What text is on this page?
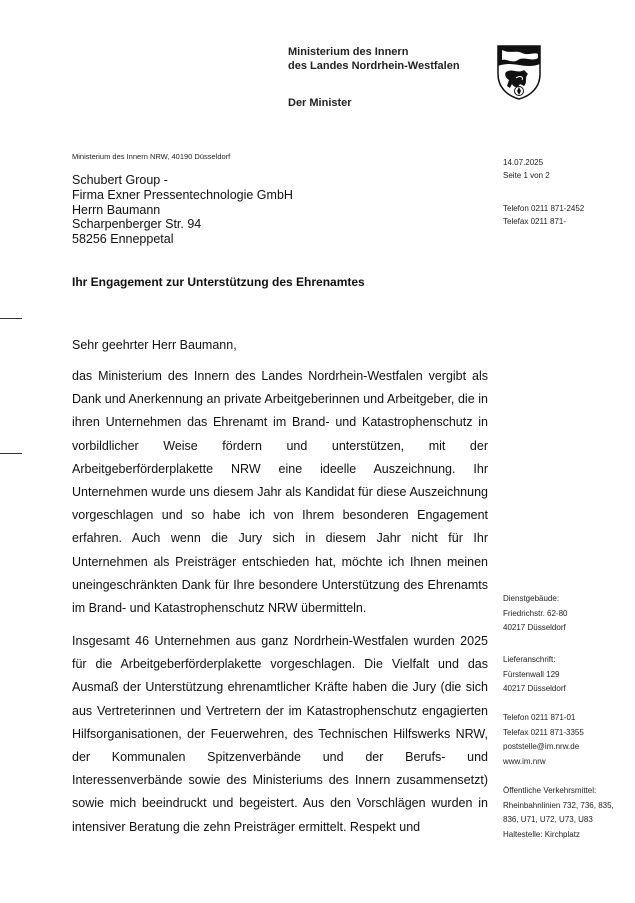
Ministerium des Innern
des Landes Nordrhein-Westfalen
Der Minister
Ministerium des Innern NRW, 40190 Düsseldorf
Schubert Group -
Firma Exner Pressentechnologie GmbH
Herrn Baumann
Scharpenberger Str. 94
58256 Enneppetal
14.07.2025
Seite 1 von 2
Telefon 0211 871-2452
Telefax 0211 871-
Ihr Engagement zur Unterstützung des Ehrenamtes
Sehr geehrter Herr Baumann,
das Ministerium des Innern des Landes Nordrhein-Westfalen vergibt als Dank und Anerkennung an private Arbeitgeberinnen und Arbeitgeber, die in ihren Unternehmen das Ehrenamt im Brand- und Katastrophenschutz in vorbildlicher Weise fördern und unterstützen, mit der Arbeitgeberförderplakette NRW eine ideelle Auszeichnung. Ihr Unternehmen wurde uns diesem Jahr als Kandidat für diese Auszeichnung vorgeschlagen und so habe ich von Ihrem besonderen Engagement erfahren. Auch wenn die Jury sich in diesem Jahr nicht für Ihr Unternehmen als Preisträger entschieden hat, möchte ich Ihnen meinen uneingeschränkten Dank für Ihre besondere Unterstützung des Ehrenamts im Brand- und Katastrophenschutz NRW übermitteln.
Insgesamt 46 Unternehmen aus ganz Nordrhein-Westfalen wurden 2025 für die Arbeitgeberförderplakette vorgeschlagen. Die Vielfalt und das Ausmaß der Unterstützung ehrenamtlicher Kräfte haben die Jury (die sich aus Vertreterinnen und Vertretern der im Katastrophenschutz engagierten Hilfsorganisationen, der Feuerwehren, des Technischen Hilfswerks NRW, der Kommunalen Spitzenverbände und der Berufs- und Interessenverbände sowie des Ministeriums des Innern zusammensetzt) sowie mich beeindruckt und begeistert. Aus den Vorschlägen wurden in intensiver Beratung die zehn Preisträger ermittelt. Respekt und
Dienstgebäude:
Friedrichstr. 62-80
40217 Düsseldorf
Lieferanschrift:
Fürstenwall 129
40217 Düsseldorf
Telefon 0211 871-01
Telefax 0211 871-3355
poststelle@im.nrw.de
www.im.nrw
Öffentliche Verkehrsmittel:
Rheinbahnlinien 732, 736, 835,
836, U71, U72, U73, U83
Haltestelle: Kirchplatz
